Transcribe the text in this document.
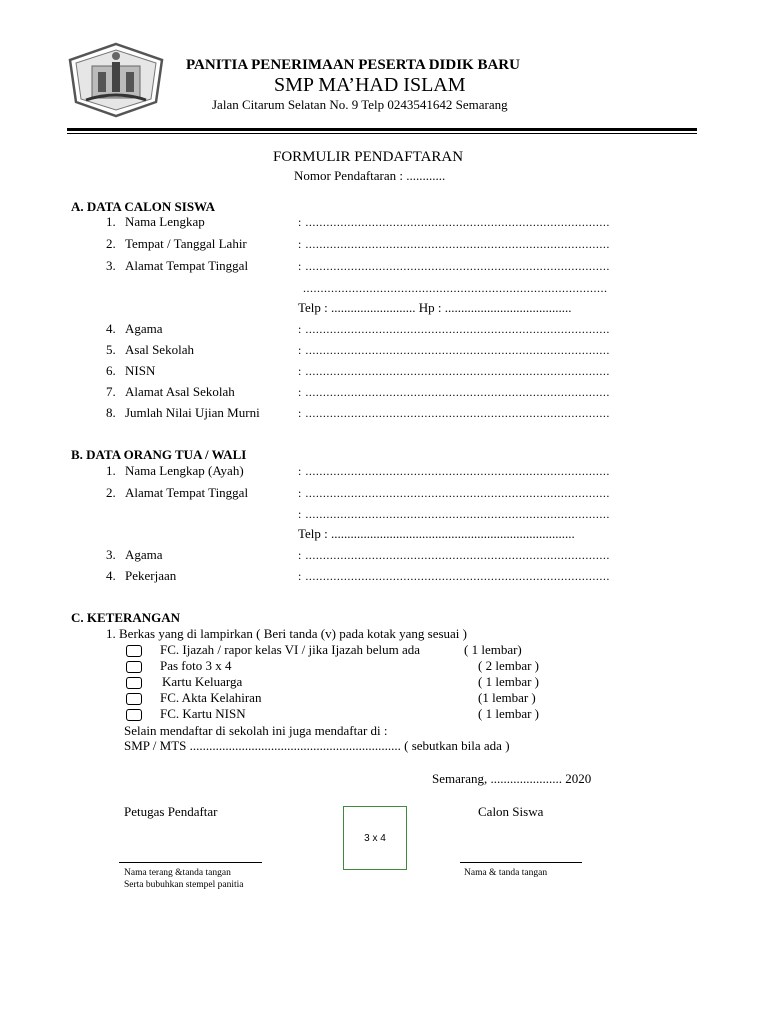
PANITIA PENERIMAAN PESERTA DIDIK BARU
SMP MA’HAD ISLAM
Jalan Citarum Selatan No. 9 Telp 0243541642 Semarang
FORMULIR PENDAFTARAN
Nomor Pendaftaran : ............
A. DATA CALON SISWA
1. Nama Lengkap	: .......................................................................................
2. Tempat / Tanggal Lahir	: .......................................................................................
3. Alamat Tempat Tinggal	: .......................................................................................
.......................................................................................
Telp : .......................... Hp : .......................................
4. Agama	: .......................................................................................
5. Asal Sekolah	: .......................................................................................
6. NISN	: .......................................................................................
7. Alamat Asal Sekolah	: .......................................................................................
8. Jumlah Nilai Ujian Murni	: .......................................................................................
B. DATA ORANG TUA / WALI
1. Nama Lengkap (Ayah)	: .......................................................................................
2. Alamat Tempat Tinggal	: .......................................................................................
: .......................................................................................
Telp : ...........................................................................
3. Agama	: .......................................................................................
4. Pekerjaan	: .......................................................................................
C. KETERANGAN
1. Berkas yang di lampirkan ( Beri tanda (v) pada kotak yang sesuai )
FC. Ijazah / rapor kelas VI / jika Ijazah belum ada	( 1 lembar)
Pas foto 3 x 4	( 2 lembar )
Kartu Keluarga	( 1 lembar )
FC. Akta Kelahiran	(1 lembar )
FC. Kartu NISN	( 1 lembar )
Selain mendaftar di sekolah ini juga mendaftar di :
SMP / MTS ................................................................. ( sebutkan bila ada )
Semarang, ...................... 2020
Petugas Pendaftar	Calon Siswa
3 x 4
Nama terang &tanda tangan
Serta bubuhkan stempel panitia
Nama & tanda tangan
